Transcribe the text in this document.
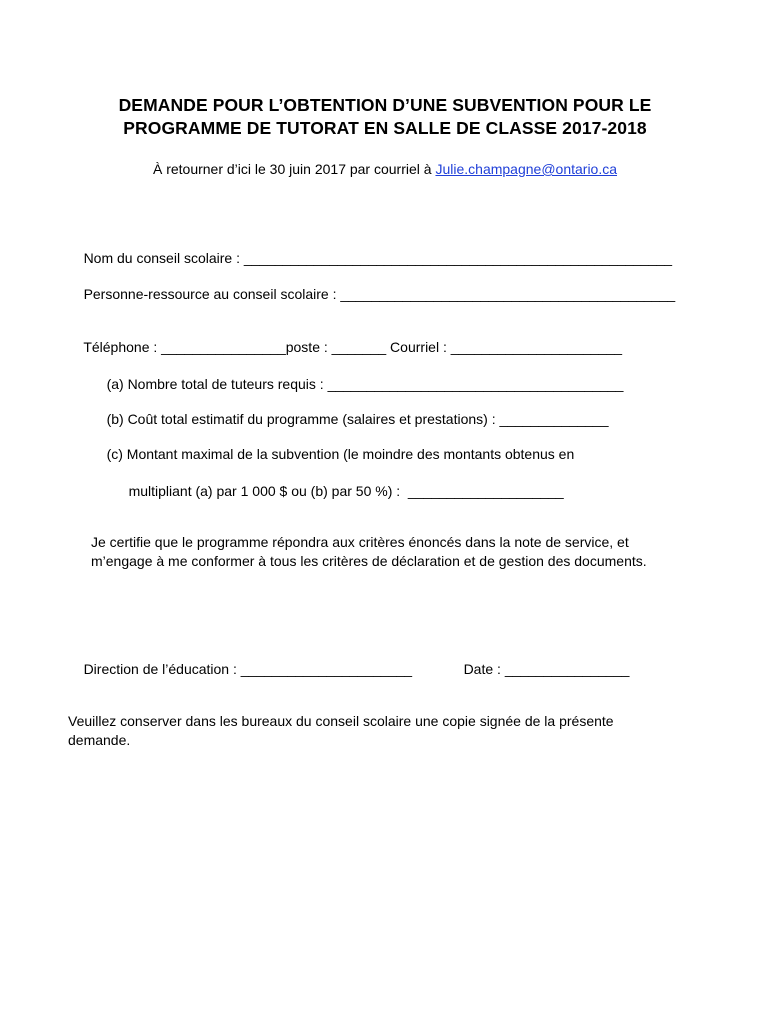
DEMANDE POUR L’OBTENTION D’UNE SUBVENTION POUR LE
PROGRAMME DE TUTORAT EN SALLE DE CLASSE 2017-2018
À retourner d’ici le 30 juin 2017 par courriel à Julie.champagne@ontario.ca

Nom du conseil scolaire : _______________________________________________________

Personne-ressource au conseil scolaire : ___________________________________________

Téléphone : ________________poste : _______ Courriel : ______________________

(a) Nombre total de tuteurs requis : ______________________________________

(b) Coût total estimatif du programme (salaires et prestations) : ______________

(c) Montant maximal de la subvention (le moindre des montants obtenus en

multipliant (a) par 1 000 $ ou (b) par 50 %) :  ____________________

Je certifie que le programme répondra aux critères énoncés dans la note de service, et
m’engage à me conformer à tous les critères de déclaration et de gestion des documents.

Direction de l’éducation : ______________________
	Date : ________________

Veuillez conserver dans les bureaux du conseil scolaire une copie signée de la présente
demande.
